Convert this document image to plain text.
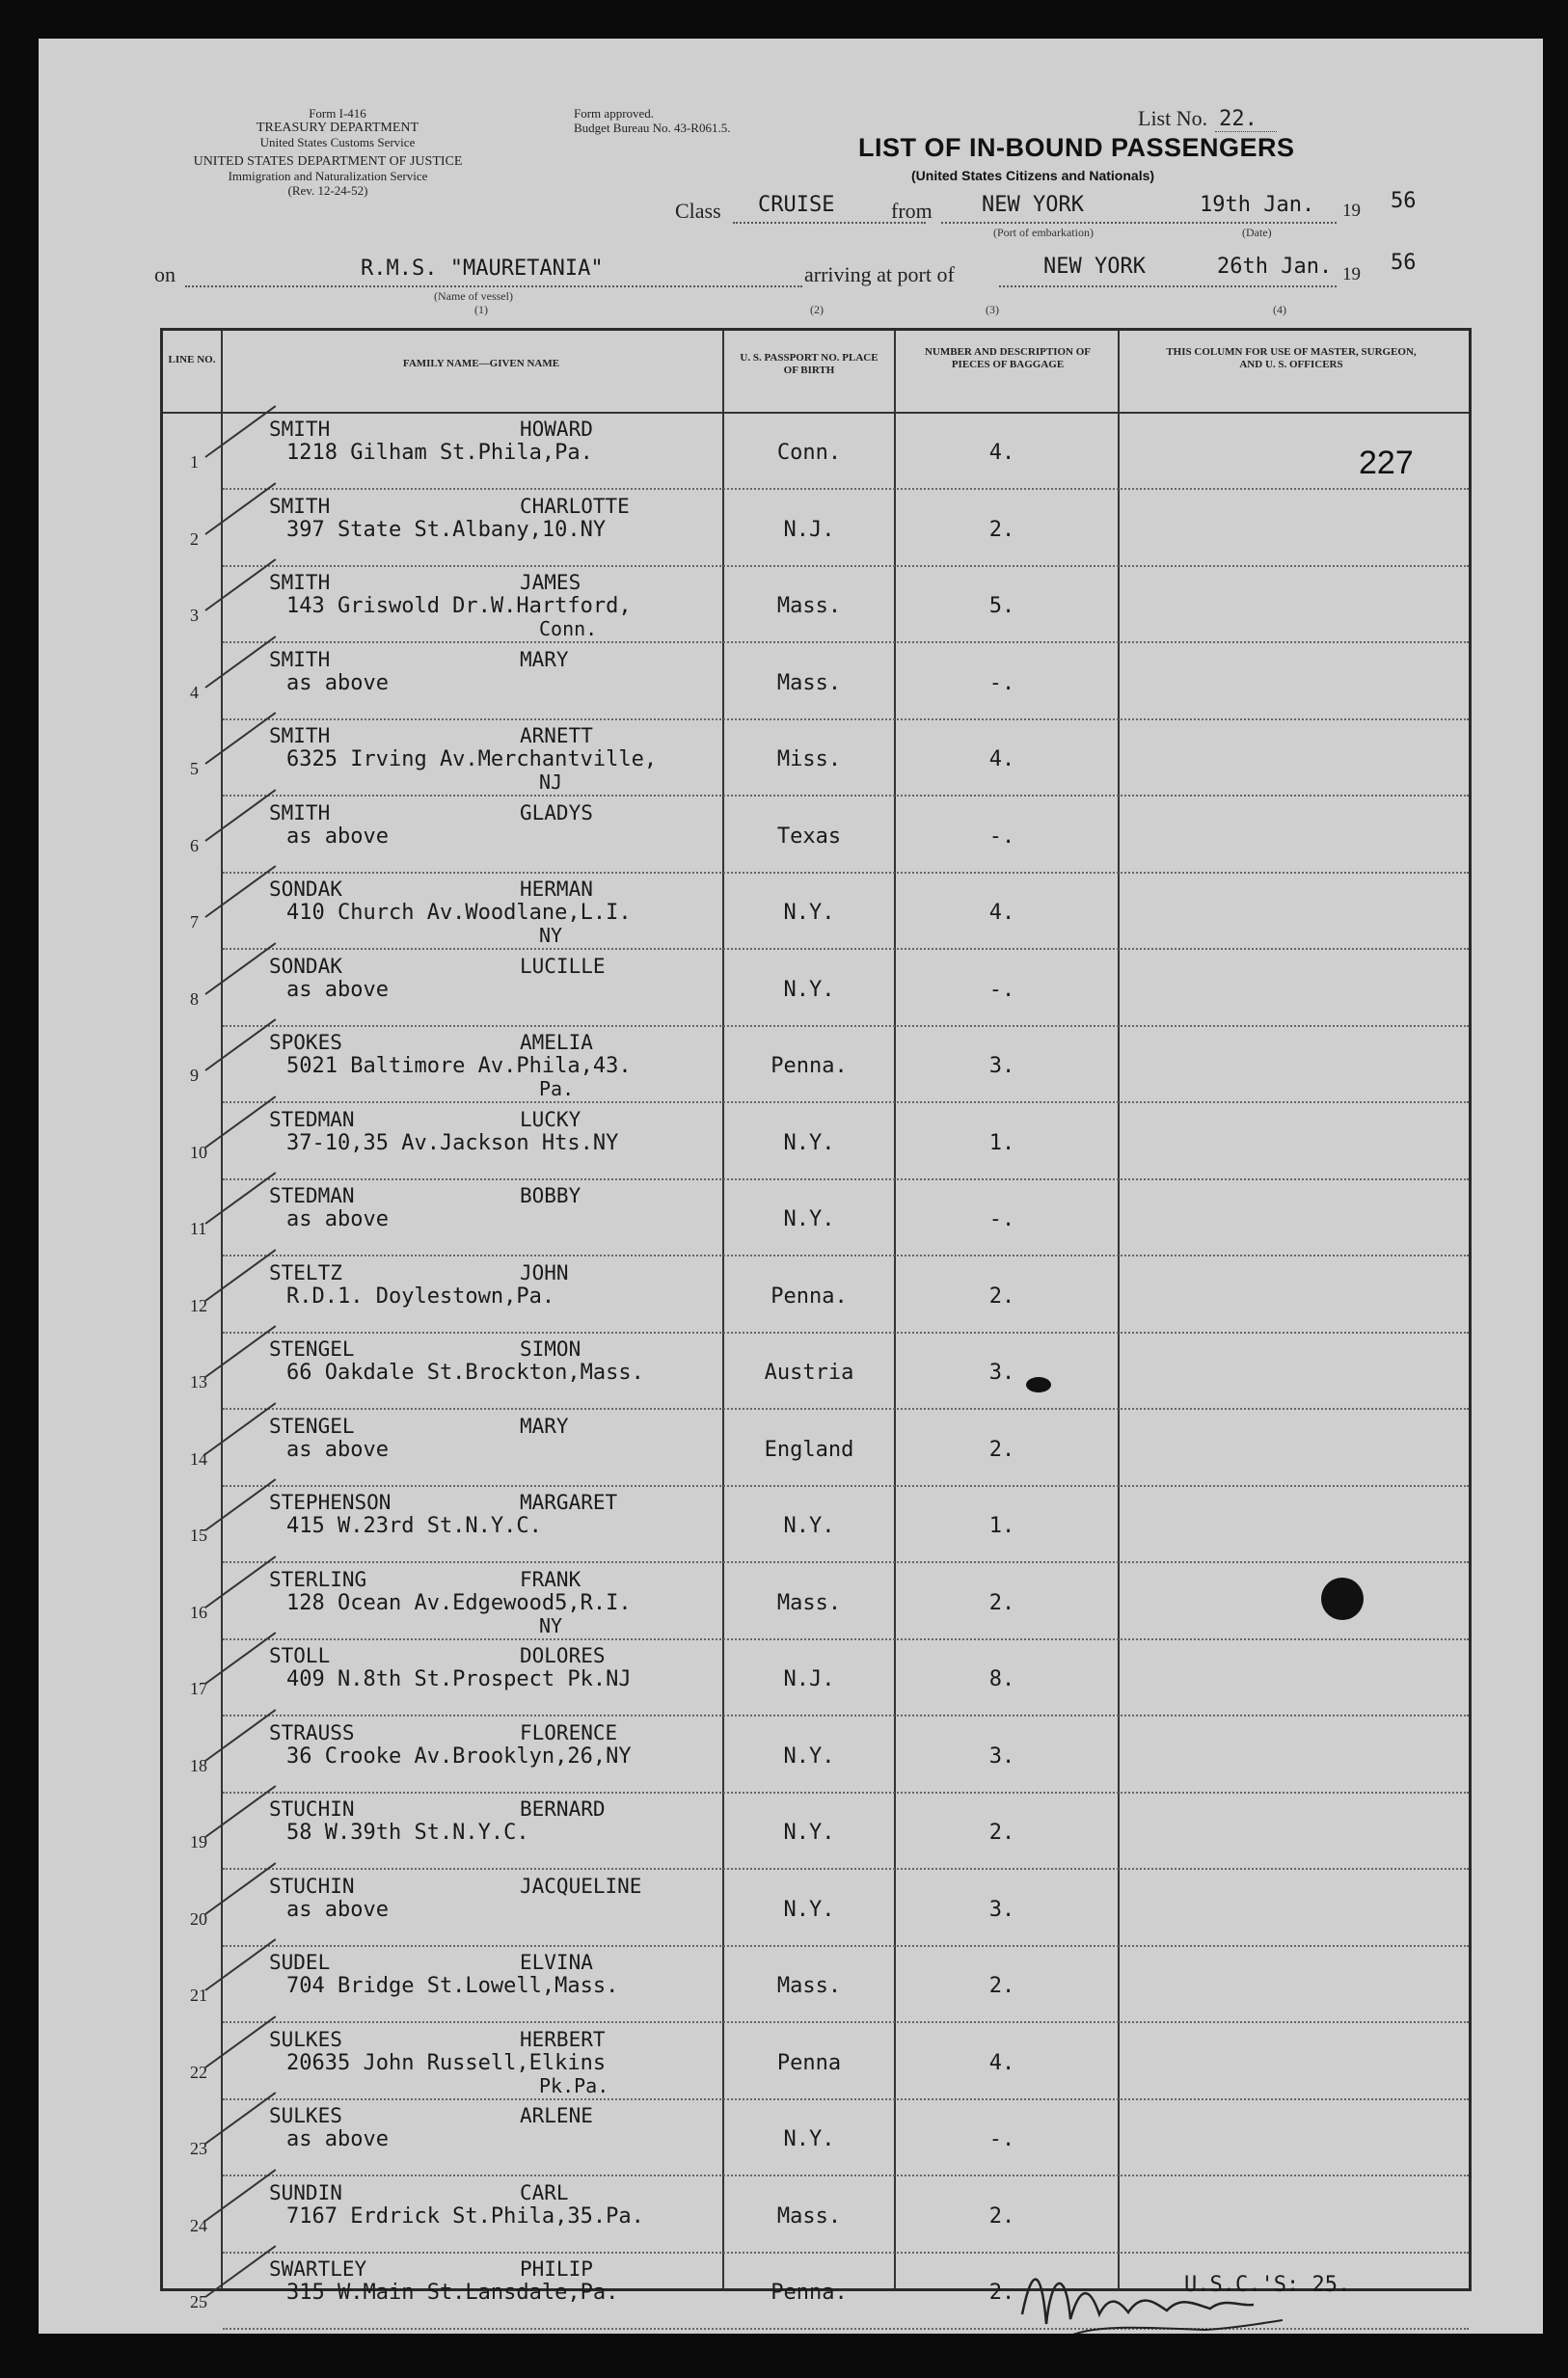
Form I-416
TREASURY DEPARTMENT
United States Customs Service
UNITED STATES DEPARTMENT OF JUSTICE
Immigration and Naturalization Service
(Rev. 12-24-52)
Form approved.
Budget Bureau No. 43-R061.5.	List No. 22.
LIST OF IN-BOUND PASSENGERS
(United States Citizens and Nationals)
Class CRUISE	from NEW YORK
(Port of embarkation)
19th Jan.
(Date)
19 56
on	R.M.S. "MAURETANIA"
(Name of vessel)
arriving at port of	NEW YORK	26th Jan. 19 56
(1)	(2)	(3)	(4)
LINE NO.	FAMILY NAME—GIVEN NAME	U. S. PASSPORT NO. PLACE OF BIRTH
NUMBER AND DESCRIPTION OF PIECES OF BAGGAGE
THIS COLUMN FOR USE OF MASTER, SURGEON, AND U. S. OFFICERS
1
SMITH	HOWARD
1218 Gilham St.Phila,Pa.	Conn.	4.
2
SMITH	CHARLOTTE
397 State St.Albany,10.NY	N.J.	2.
3
SMITH	JAMES
143 Griswold Dr.W.Hartford,
Conn.
Mass.	5.
4
SMITH	MARY
as above	Mass.	-.
5
SMITH	ARNETT
6325 Irving Av.Merchantville,
NJ
Miss.	4.
6
SMITH	GLADYS
as above	Texas	-.
7
SONDAK	HERMAN
410 Church Av.Woodlane,L.I.
NY
N.Y.	4.
8
SONDAK	LUCILLE
as above	N.Y.	-.
9
SPOKES	AMELIA
5021 Baltimore Av.Phila,43.
Pa.
Penna.	3.
10
STEDMAN	LUCKY
37-10,35 Av.Jackson Hts.NY	N.Y.	1.
11
STEDMAN	BOBBY
as above	N.Y.	-.
12
STELTZ	JOHN
R.D.1. Doylestown,Pa.	Penna.	2.
13
STENGEL	SIMON
66 Oakdale St.Brockton,Mass.	Austria	3.
14
STENGEL	MARY
as above	England	2.
15
STEPHENSON	MARGARET
415 W.23rd St.N.Y.C.	N.Y.	1.
16
STERLING	FRANK
128 Ocean Av.Edgewood5,R.I.
NY
Mass.	2.
17
STOLL	DOLORES
409 N.8th St.Prospect Pk.NJ	N.J.	8.
18
STRAUSS	FLORENCE
36 Crooke Av.Brooklyn,26,NY	N.Y.	3.
19
STUCHIN	BERNARD
58 W.39th St.N.Y.C.	N.Y.	2.
20
STUCHIN	JACQUELINE
as above	N.Y.	3.
21
SUDEL	ELVINA
704 Bridge St.Lowell,Mass.	Mass.	2.
22
SULKES	HERBERT
20635 John Russell,Elkins
Pk.Pa.
Penna	4.
23
SULKES	ARLENE
as above	N.Y.	-.
24
SUNDIN	CARL
7167 Erdrick St.Phila,35.Pa.	Mass.	2.
25
SWARTLEY	PHILIP
315 W.Main St.Lansdale,Pa.	Penna.	2.
227
U.S.C.'S: 25.
